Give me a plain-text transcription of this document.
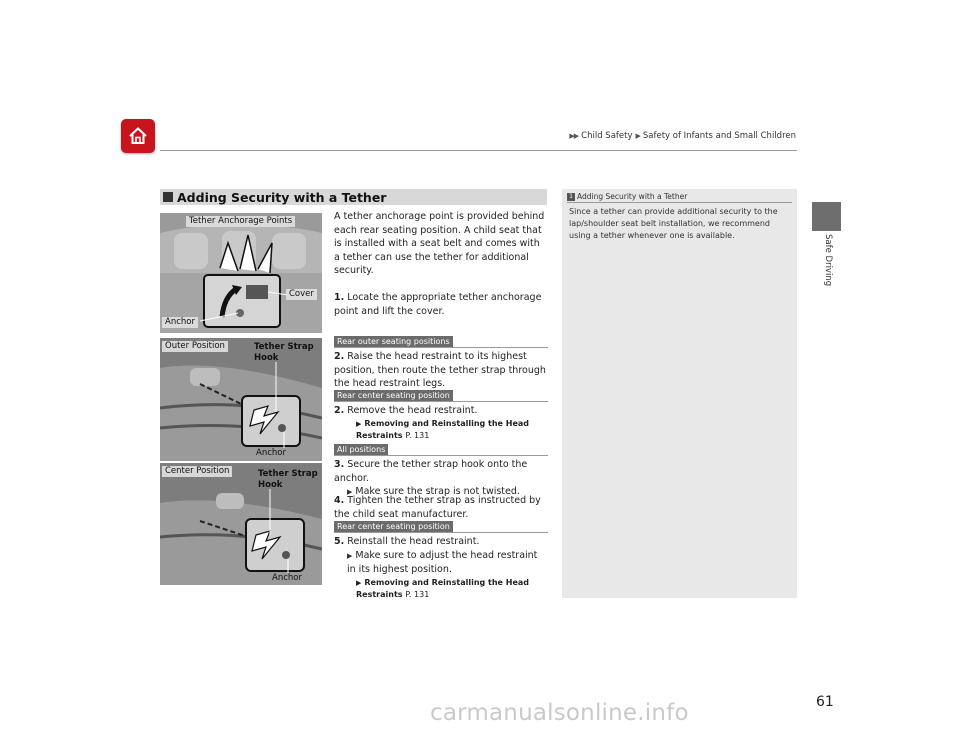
▶▶ Child Safety ▶ Safety of Infants and Small Children
Safe Driving
Adding Security with a Tether
Tether Anchorage Points
Cover
Anchor
Outer Position	Tether Strap
Hook
Anchor
Center Position	Tether Strap
Hook
Anchor
A tether anchorage point is provided behind each rear seating position. A child seat that is installed with a seat belt and comes with a tether can use the tether for additional security.
1. Locate the appropriate tether anchorage point and lift the cover.
Rear outer seating positions
2. Raise the head restraint to its highest position, then route the tether strap through the head restraint legs.
Rear center seating position
2. Remove the head restraint.
▶ Removing and Reinstalling the Head Restraints P. 131
All positions
3. Secure the tether strap hook onto the anchor.
▶ Make sure the strap is not twisted.
4. Tighten the tether strap as instructed by the child seat manufacturer.
Rear center seating position
5. Reinstall the head restraint.
▶ Make sure to adjust the head restraint in its highest position.
▶ Removing and Reinstalling the Head Restraints P. 131
1 Adding Security with a Tether
Since a tether can provide additional security to the lap/shoulder seat belt installation, we recommend using a tether whenever one is available.
61
carmanualsonline.info
